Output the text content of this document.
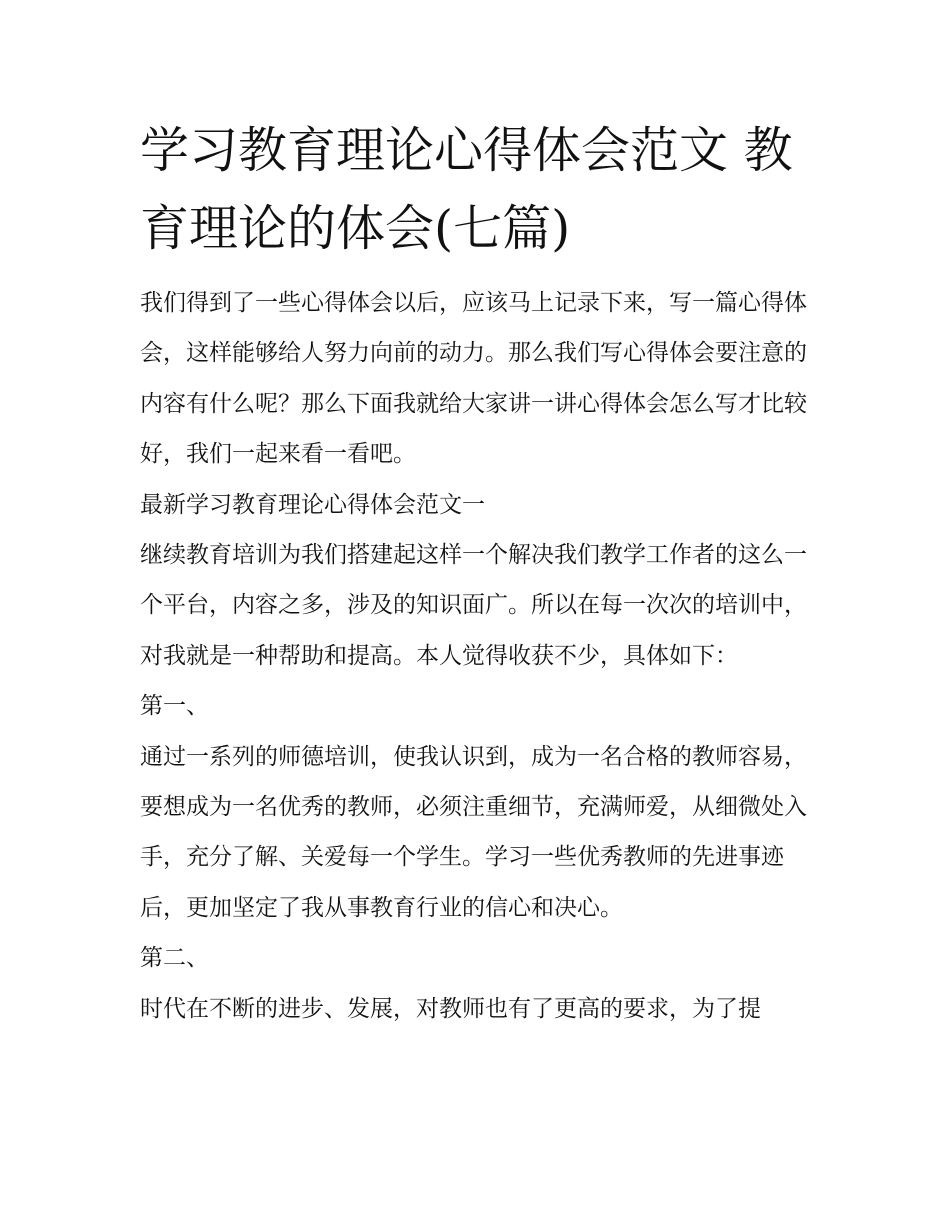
学习教育理论心得体会范文 教育理论的体会(七篇)

我们得到了一些心得体会以后，应该马上记录下来，写一篇心得体会，这样能够给人努力向前的动力。那么我们写心得体会要注意的内容有什么呢？那么下面我就给大家讲一讲心得体会怎么写才比较好，我们一起来看一看吧。

最新学习教育理论心得体会范文一

继续教育培训为我们搭建起这样一个解决我们教学工作者的这么一个平台，内容之多，涉及的知识面广。所以在每一次次的培训中，对我就是一种帮助和提高。本人觉得收获不少，具体如下：

第一、

通过一系列的师德培训，使我认识到，成为一名合格的教师容易，要想成为一名优秀的教师，必须注重细节，充满师爱，从细微处入手，充分了解、关爱每一个学生。学习一些优秀教师的先进事迹后，更加坚定了我从事教育行业的信心和决心。

第二、

时代在不断的进步、发展，对教师也有了更高的要求，为了提
